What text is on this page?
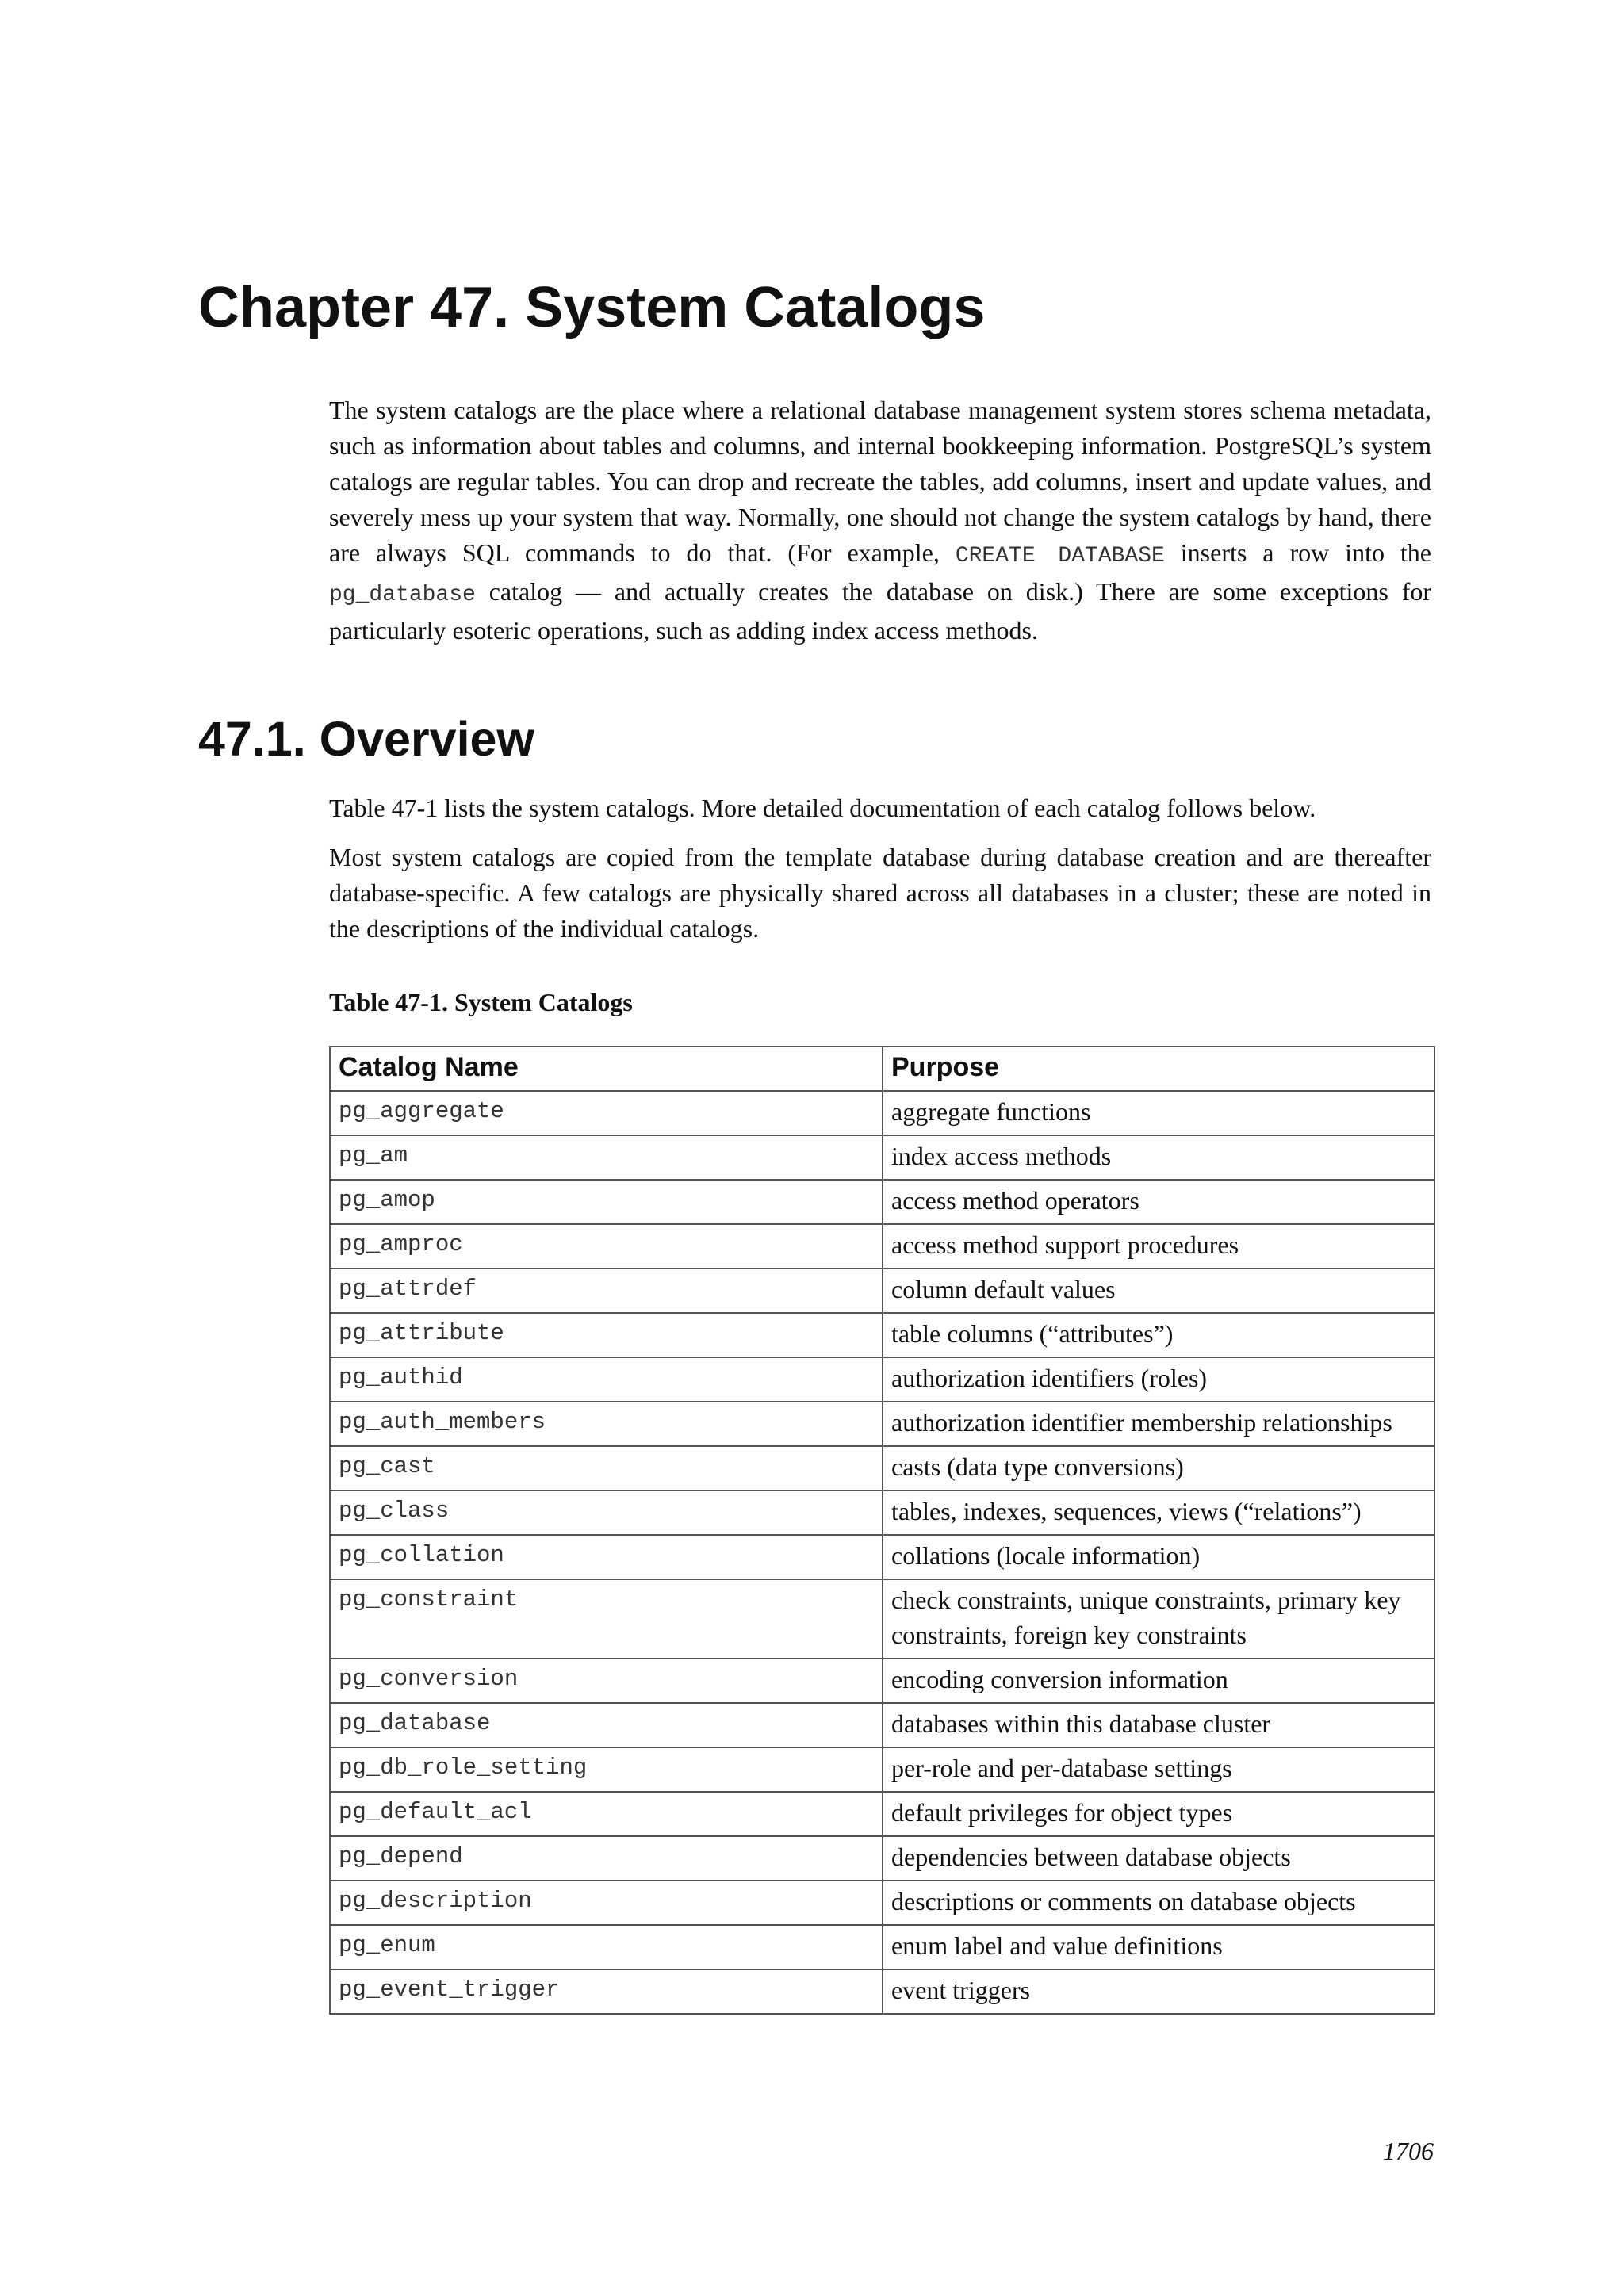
Chapter 47. System Catalogs

The system catalogs are the place where a relational database management system stores schema metadata, such as information about tables and columns, and internal bookkeeping information. PostgreSQL’s system catalogs are regular tables. You can drop and recreate the tables, add columns, insert and update values, and severely mess up your system that way. Normally, one should not change the system catalogs by hand, there are always SQL commands to do that. (For example, CREATE DATABASE inserts a row into the pg_database catalog — and actually creates the database on disk.) There are some exceptions for particularly esoteric operations, such as adding index access methods.

47.1. Overview

Table 47-1 lists the system catalogs. More detailed documentation of each catalog follows below.

Most system catalogs are copied from the template database during database creation and are thereafter database-specific. A few catalogs are physically shared across all databases in a cluster; these are noted in the descriptions of the individual catalogs.

Table 47-1. System Catalogs

Catalog Name	Purpose
pg_aggregate	aggregate functions
pg_am	index access methods
pg_amop	access method operators
pg_amproc	access method support procedures
pg_attrdef	column default values
pg_attribute	table columns (“attributes”)
pg_authid	authorization identifiers (roles)
pg_auth_members	authorization identifier membership relationships
pg_cast	casts (data type conversions)
pg_class	tables, indexes, sequences, views (“relations”)
pg_collation	collations (locale information)
pg_constraint	check constraints, unique constraints, primary key constraints, foreign key constraints
pg_conversion	encoding conversion information
pg_database	databases within this database cluster
pg_db_role_setting	per-role and per-database settings
pg_default_acl	default privileges for object types
pg_depend	dependencies between database objects
pg_description	descriptions or comments on database objects
pg_enum	enum label and value definitions
pg_event_trigger	event triggers

1706
